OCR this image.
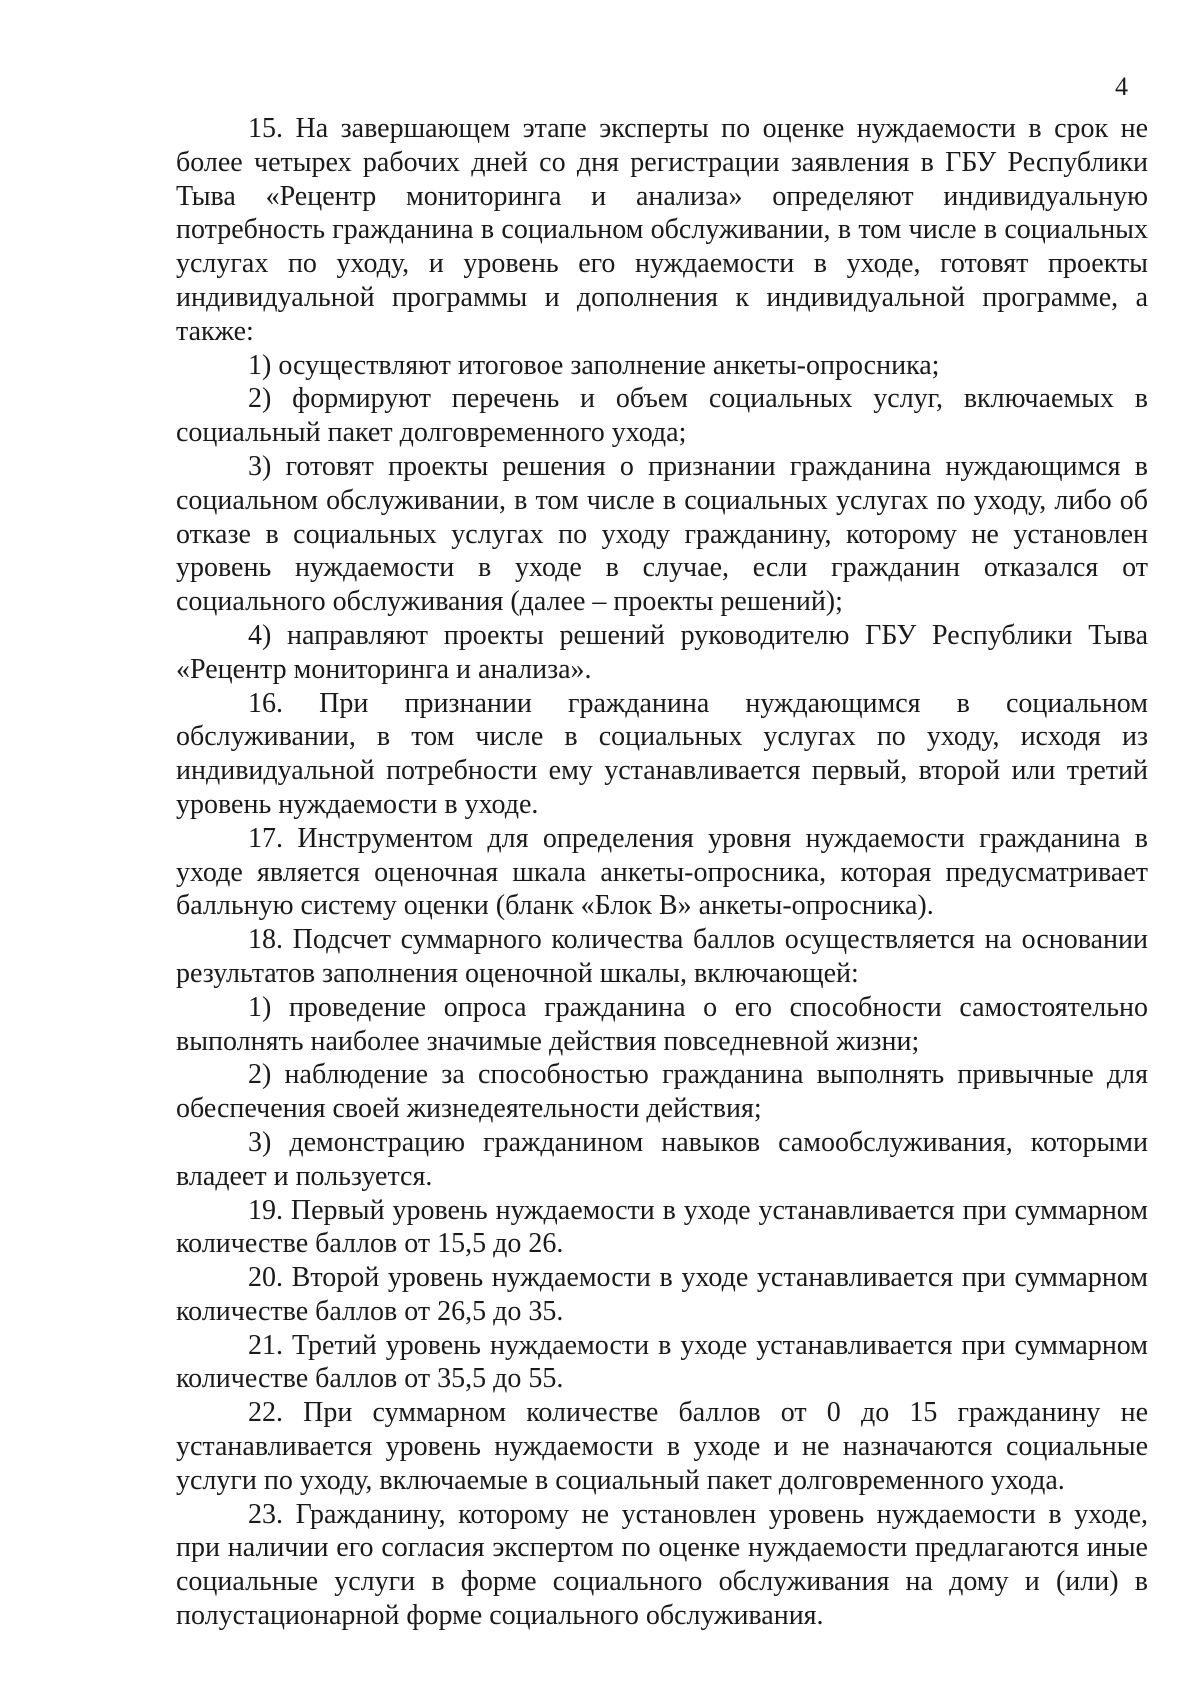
4

15. На завершающем этапе эксперты по оценке нуждаемости в срок не более четырех рабочих дней со дня регистрации заявления в ГБУ Республики Тыва «Рецентр мониторинга и анализа» определяют индивидуальную потребность гражданина в социальном обслуживании, в том числе в социальных услугах по уходу, и уровень его нуждаемости в уходе, готовят проекты индивидуальной программы и дополнения к индивидуальной программе, а также:

1) осуществляют итоговое заполнение анкеты-опросника;

2) формируют перечень и объем социальных услуг, включаемых в социальный пакет долговременного ухода;

3) готовят проекты решения о признании гражданина нуждающимся в социальном обслуживании, в том числе в социальных услугах по уходу, либо об отказе в социальных услугах по уходу гражданину, которому не установлен уровень нуждаемости в уходе в случае, если гражданин отказался от социального обслуживания (далее – проекты решений);

4) направляют проекты решений руководителю ГБУ Республики Тыва «Рецентр мониторинга и анализа».

16. При признании гражданина нуждающимся в социальном обслуживании, в том числе в социальных услугах по уходу, исходя из индивидуальной потребности ему устанавливается первый, второй или третий уровень нуждаемости в уходе.

17. Инструментом для определения уровня нуждаемости гражданина в уходе является оценочная шкала анкеты-опросника, которая предусматривает балльную систему оценки (бланк «Блок В» анкеты-опросника).

18. Подсчет суммарного количества баллов осуществляется на основании результатов заполнения оценочной шкалы, включающей:

1) проведение опроса гражданина о его способности самостоятельно выполнять наиболее значимые действия повседневной жизни;

2) наблюдение за способностью гражданина выполнять привычные для обеспечения своей жизнедеятельности действия;

3) демонстрацию гражданином навыков самообслуживания, которыми владеет и пользуется.

19. Первый уровень нуждаемости в уходе устанавливается при суммарном количестве баллов от 15,5 до 26.

20. Второй уровень нуждаемости в уходе устанавливается при суммарном количестве баллов от 26,5 до 35.

21. Третий уровень нуждаемости в уходе устанавливается при суммарном количестве баллов от 35,5 до 55.

22. При суммарном количестве баллов от 0 до 15 гражданину не устанавливается уровень нуждаемости в уходе и не назначаются социальные услуги по уходу, включаемые в социальный пакет долговременного ухода.

23. Гражданину, которому не установлен уровень нуждаемости в уходе, при наличии его согласия экспертом по оценке нуждаемости предлагаются иные социальные услуги в форме социального обслуживания на дому и (или) в полустационарной форме социального обслуживания.
